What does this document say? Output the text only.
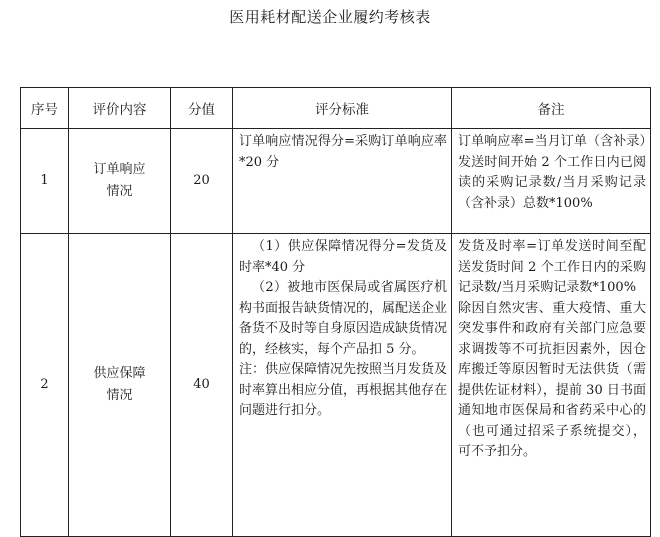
医用耗材配送企业履约考核表
序号	评价内容	分值	评分标准	备注
1	订单响应情况	20	订单响应情况得分=采购订单响应率*20 分	订单响应率=当月订单（含补录）发送时间开始 2 个工作日内已阅读的采购记录数/当月采购记录（含补录）总数*100%

2	供应保障情况	40	（1）供应保障情况得分=发货及时率*40 分
（2）被地市医保局或省属医疗机构书面报告缺货情况的，属配送企业备货不及时等自身原因造成缺货情况的，经核实，每个产品扣 5 分。
注：供应保障情况先按照当月发货及时率算出相应分值，再根据其他存在问题进行扣分。	发货及时率=订单发送时间至配送发货时间 2 个工作日内的采购记录数/当月采购记录数*100%
除因自然灾害、重大疫情、重大突发事件和政府有关部门应急要求调拨等不可抗拒因素外，因仓库搬迁等原因暂时无法供货（需提供佐证材料），提前 30 日书面通知地市医保局和省药采中心的（也可通过招采子系统提交），可不予扣分。
